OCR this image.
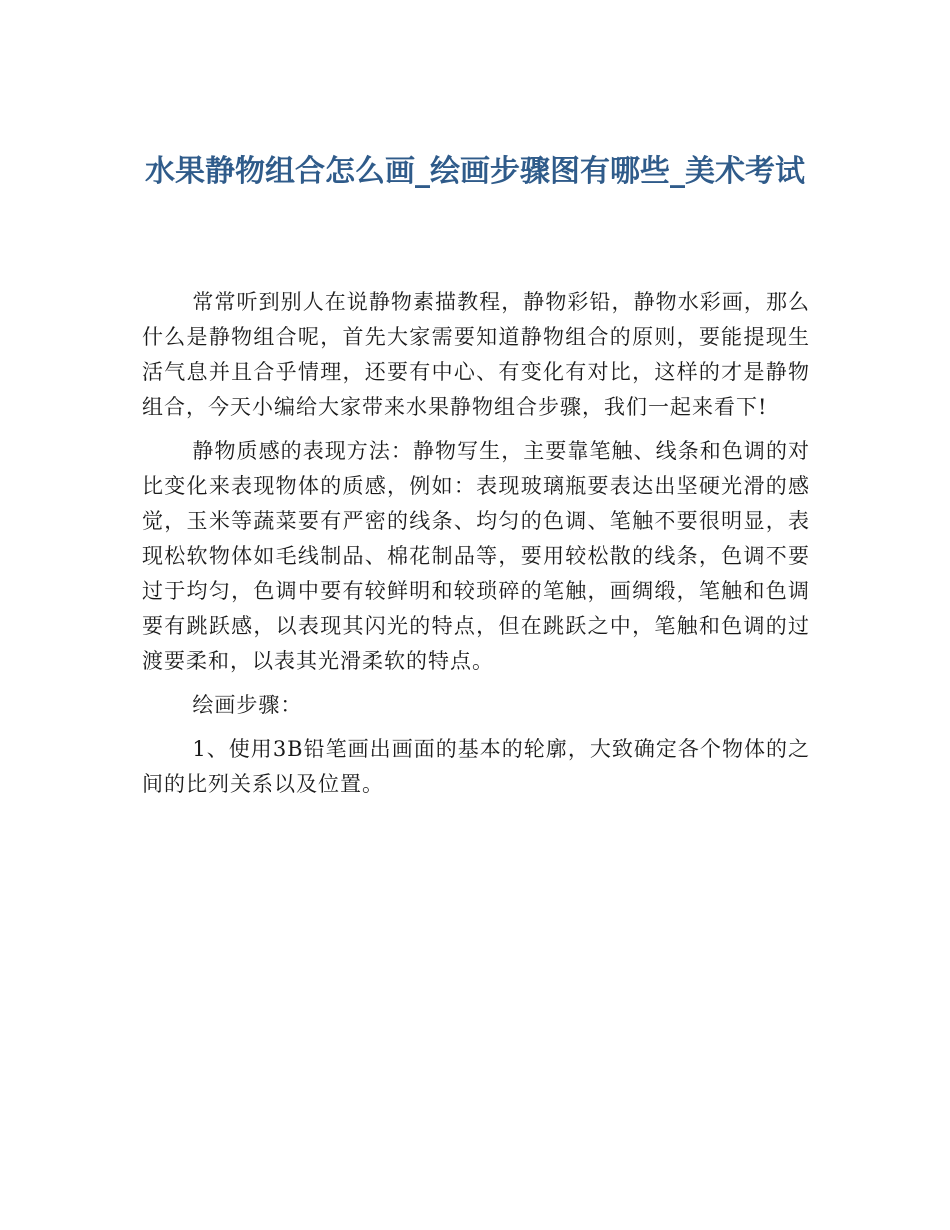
水果静物组合怎么画_绘画步骤图有哪些_美术考试

常常听到别人在说静物素描教程，静物彩铅，静物水彩画，那么什么是静物组合呢，首先大家需要知道静物组合的原则，要能提现生活气息并且合乎情理，还要有中心、有变化有对比，这样的才是静物组合，今天小编给大家带来水果静物组合步骤，我们一起来看下!

静物质感的表现方法：静物写生，主要靠笔触、线条和色调的对比变化来表现物体的质感，例如：表现玻璃瓶要表达出坚硬光滑的感觉，玉米等蔬菜要有严密的线条、均匀的色调、笔触不要很明显，表现松软物体如毛线制品、棉花制品等，要用较松散的线条，色调不要过于均匀，色调中要有较鲜明和较琐碎的笔触，画绸缎，笔触和色调要有跳跃感，以表现其闪光的特点，但在跳跃之中，笔触和色调的过渡要柔和，以表其光滑柔软的特点。

绘画步骤：

1、使用3B铅笔画出画面的基本的轮廓，大致确定各个物体的之间的比列关系以及位置。
